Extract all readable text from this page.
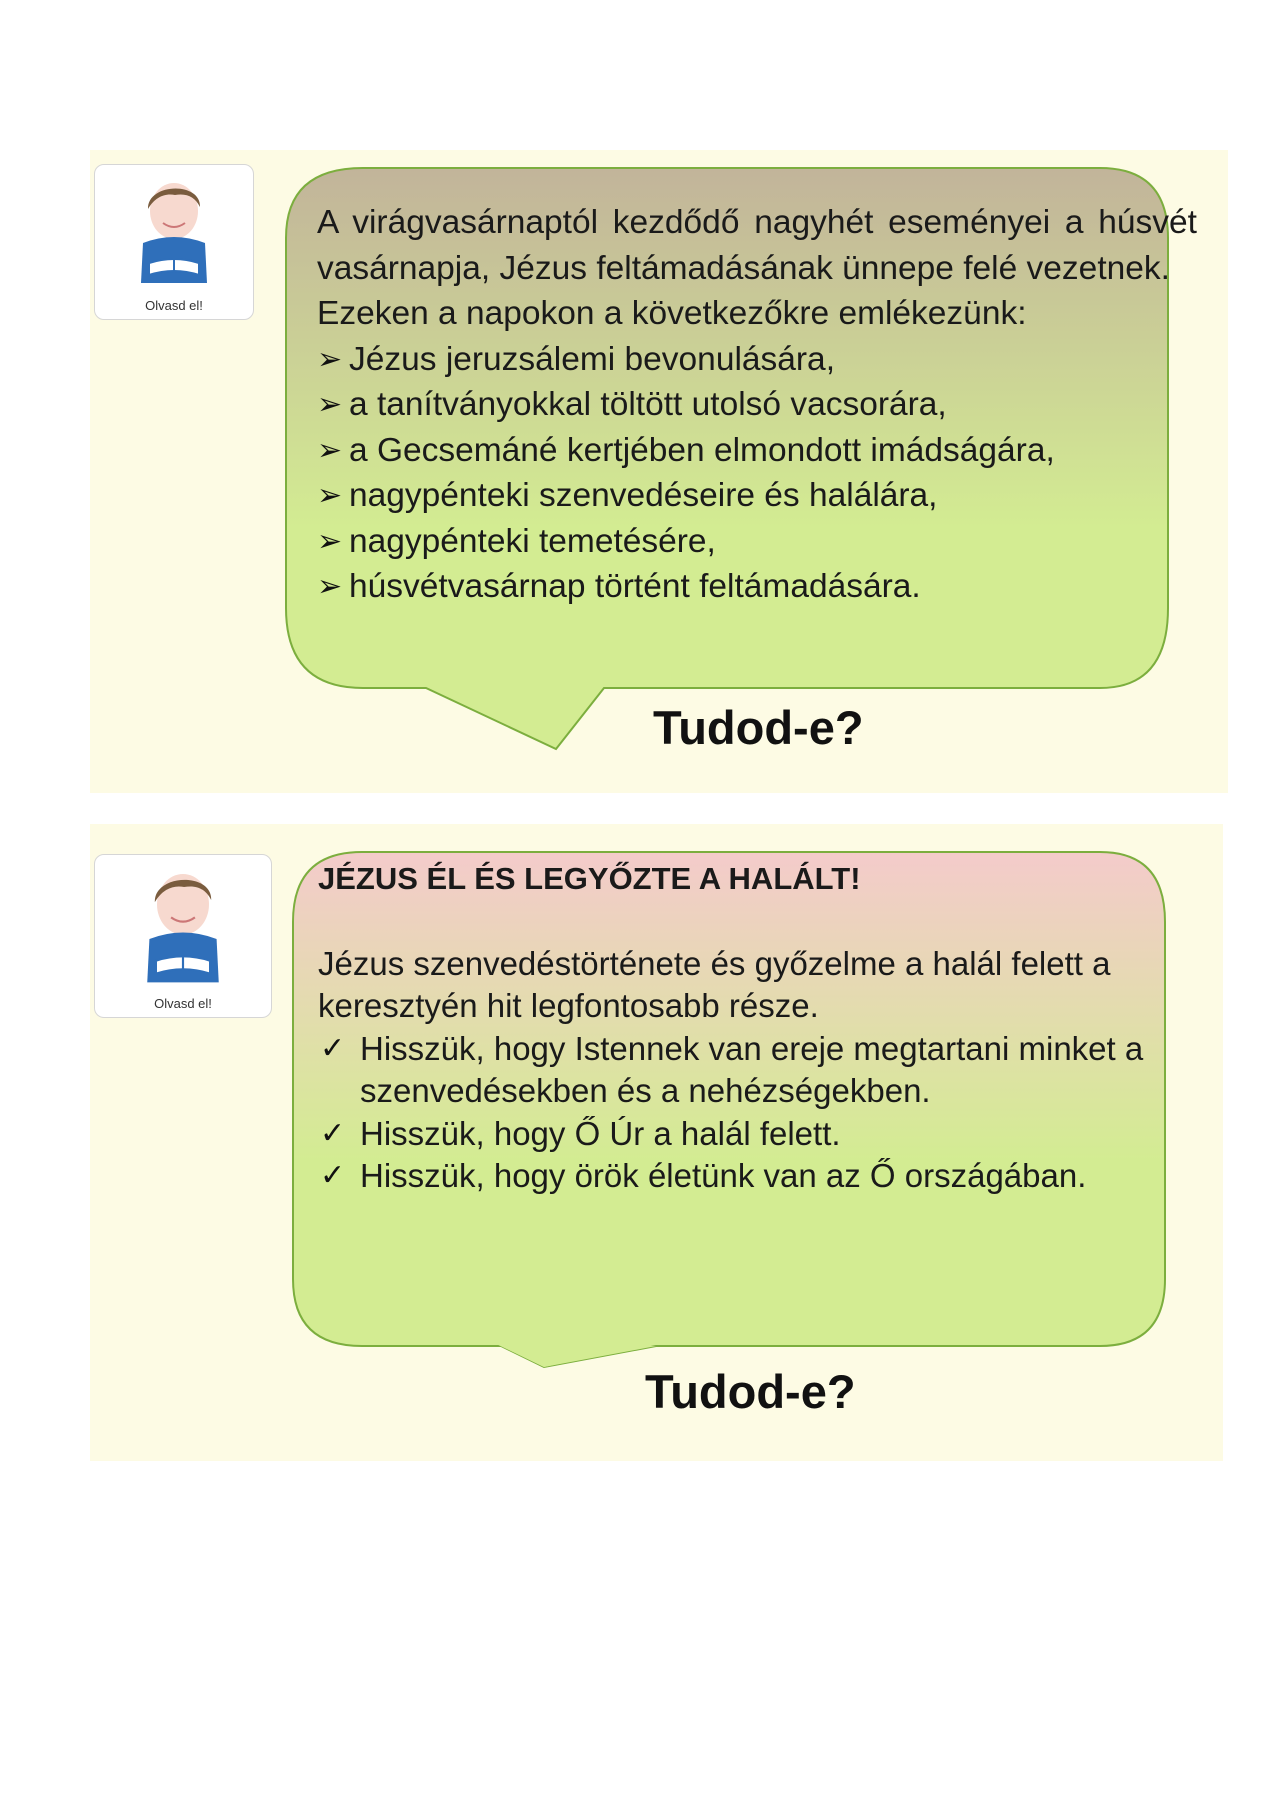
Olvasd el!
A virágvasárnaptól kezdődő nagyhét eseményei a húsvét vasárnapja, Jézus feltámadásának ünnepe felé vezetnek.
Ezeken a napokon a következőkre emlékezünk:
➢ Jézus jeruzsálemi bevonulására,
➢ a tanítványokkal töltött utolsó vacsorára,
➢ a Gecsemáné kertjében elmondott imádságára,
➢ nagypénteki szenvedéseire és halálára,
➢ nagypénteki temetésére,
➢ húsvétvasárnap történt feltámadására.
Tudod-e?
Olvasd el!
JÉZUS ÉL ÉS LEGYŐZTE A HALÁLT!
Jézus szenvedéstörténete és győzelme a halál felett a keresztyén hit legfontosabb része.
✓ Hisszük, hogy Istennek van ereje megtartani minket a szenvedésekben és a nehézségekben.
✓ Hisszük, hogy Ő Úr a halál felett.
✓ Hisszük, hogy örök életünk van az Ő országában.
Tudod-e?
